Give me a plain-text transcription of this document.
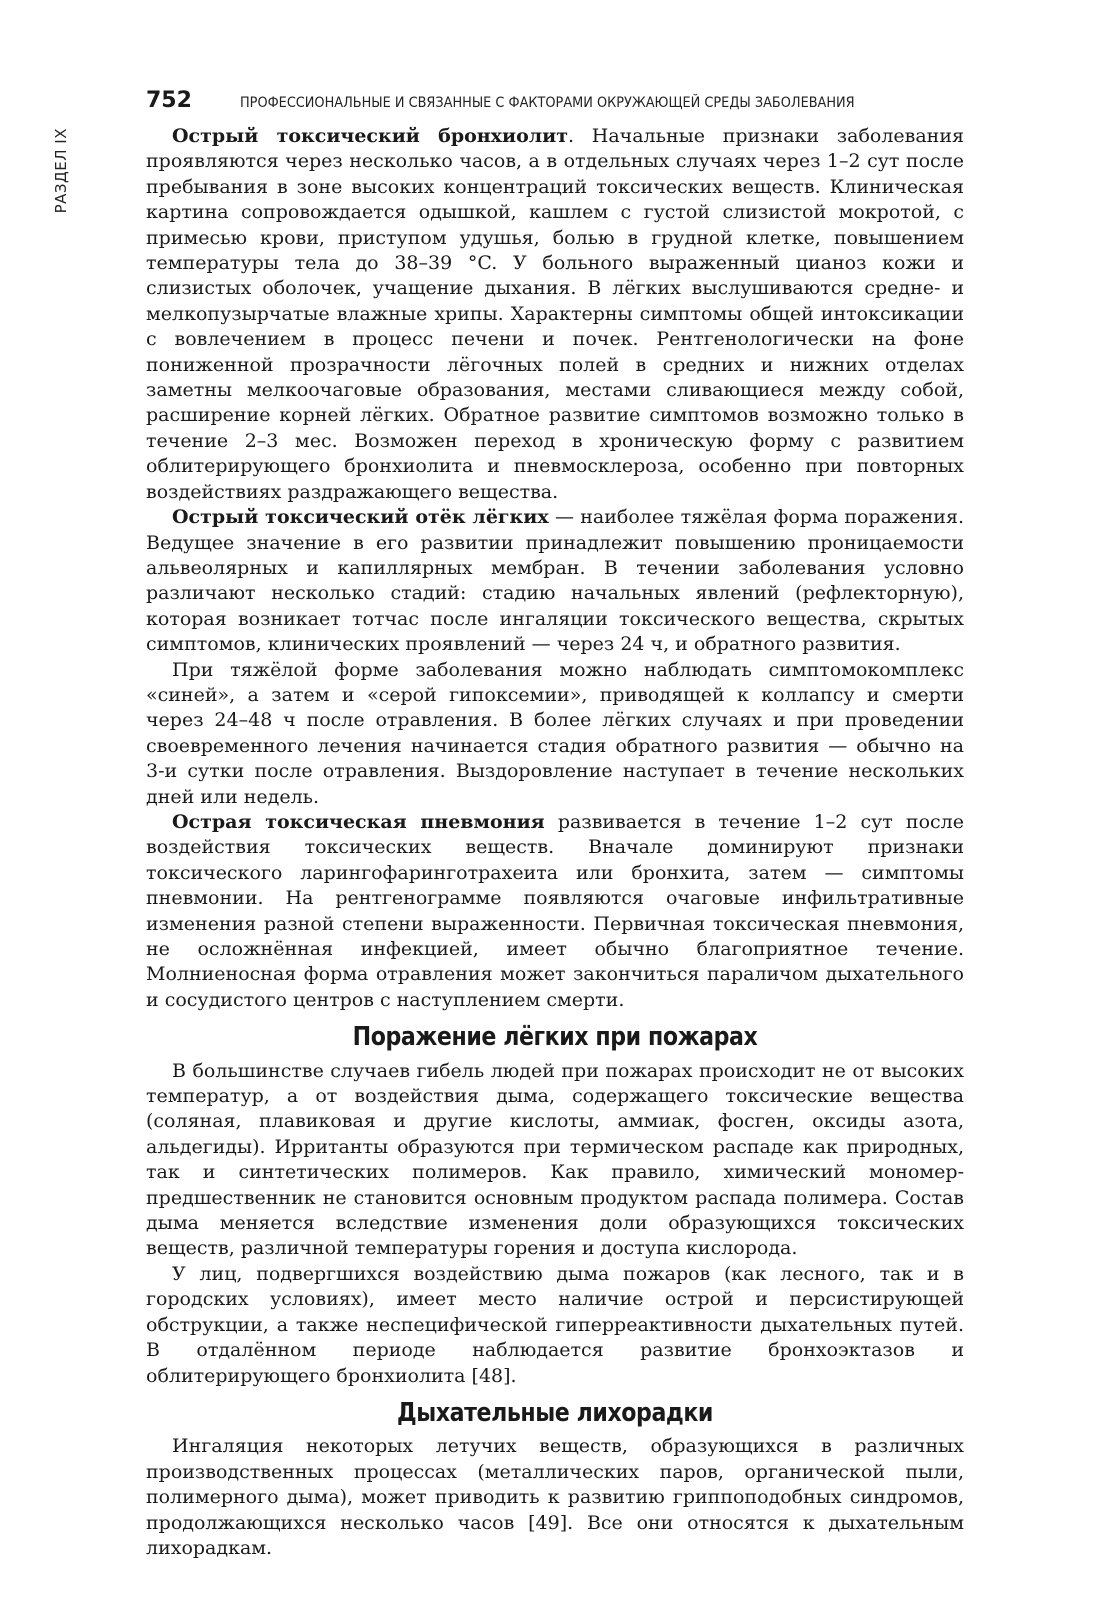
РАЗДЕЛ IX
752	ПРОФЕССИОНАЛЬНЫЕ И СВЯЗАННЫЕ С ФАКТОРАМИ ОКРУЖАЮЩЕЙ СРЕДЫ ЗАБОЛЕВАНИЯ

Острый токсический бронхиолит. Начальные признаки заболевания проявляются через несколько часов, а в отдельных случаях через 1–2 сут после пребывания в зоне высоких концентраций токсических веществ. Клиническая картина сопровождается одышкой, кашлем с густой слизистой мокротой, с примесью крови, приступом удушья, болью в грудной клетке, повышением температуры тела до 38–39 °C. У больного выраженный цианоз кожи и слизистых оболочек, учащение дыхания. В лёгких выслушиваются средне- и мелкопузырчатые влажные хрипы. Характерны симптомы общей интоксикации с вовлечением в процесс печени и почек. Рентгенологически на фоне пониженной прозрачности лёгочных полей в средних и нижних отделах заметны мелкоочаговые образования, местами сливающиеся между собой, расширение корней лёгких. Обратное развитие симптомов возможно только в течение 2–3 мес. Возможен переход в хроническую форму с развитием облитерирующего бронхиолита и пневмосклероза, особенно при повторных воздействиях раздражающего вещества.

Острый токсический отёк лёгких — наиболее тяжёлая форма поражения. Ведущее значение в его развитии принадлежит повышению проницаемости альвеолярных и капиллярных мембран. В течении заболевания условно различают несколько стадий: стадию начальных явлений (рефлекторную), которая возникает тотчас после ингаляции токсического вещества, скрытых симптомов, клинических проявлений — через 24 ч, и обратного развития.

При тяжёлой форме заболевания можно наблюдать симптомокомплекс «синей», а затем и «серой гипоксемии», приводящей к коллапсу и смерти через 24–48 ч после отравления. В более лёгких случаях и при проведении своевременного лечения начинается стадия обратного развития — обычно на 3-и сутки после отравления. Выздоровление наступает в течение нескольких дней или недель.

Острая токсическая пневмония развивается в течение 1–2 сут после воздействия токсических веществ. Вначале доминируют признаки токсического ларингофаринготрахеита или бронхита, затем — симптомы пневмонии. На рентгенограмме появляются очаговые инфильтративные изменения разной степени выраженности. Первичная токсическая пневмония, не осложнённая инфекцией, имеет обычно благоприятное течение. Молниеносная форма отравления может закончиться параличом дыхательного и сосудистого центров с наступлением смерти.

Поражение лёгких при пожарах

В большинстве случаев гибель людей при пожарах происходит не от высоких температур, а от воздействия дыма, содержащего токсические вещества (соляная, плавиковая и другие кислоты, аммиак, фосген, оксиды азота, альдегиды). Ирританты образуются при термическом распаде как природных, так и синтетических полимеров. Как правило, химический мономер-предшественник не становится основным продуктом распада полимера. Состав дыма меняется вследствие изменения доли образующихся токсических веществ, различной температуры горения и доступа кислорода.

У лиц, подвергшихся воздействию дыма пожаров (как лесного, так и в городских условиях), имеет место наличие острой и персистирующей обструкции, а также неспецифической гиперреактивности дыхательных путей. В отдалённом периоде наблюдается развитие бронхоэктазов и облитерирующего бронхиолита [48].

Дыхательные лихорадки

Ингаляция некоторых летучих веществ, образующихся в различных производственных процессах (металлических паров, органической пыли, полимерного дыма), может приводить к развитию гриппоподобных синдромов, продолжающихся несколько часов [49]. Все они относятся к дыхательным лихорадкам.
